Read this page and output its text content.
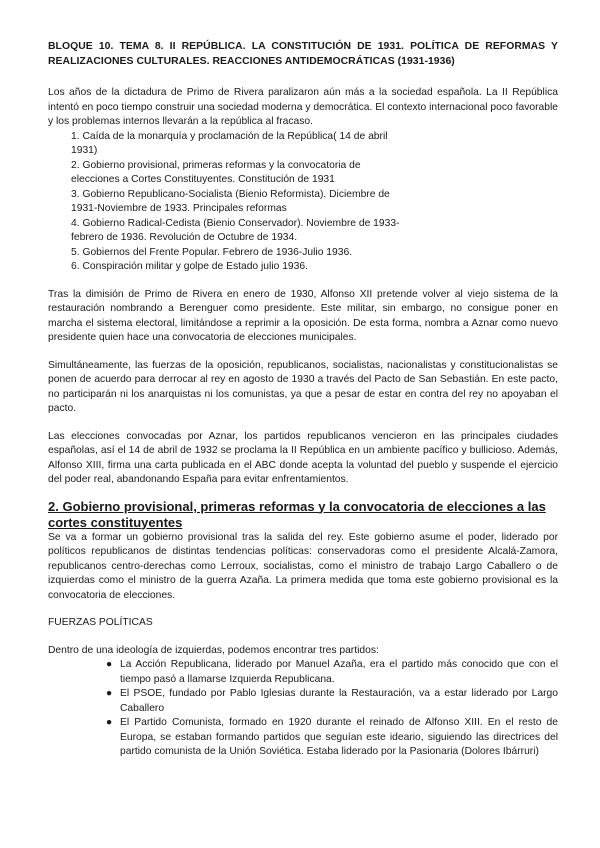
BLOQUE 10. TEMA 8. II REPÚBLICA. LA CONSTITUCIÓN DE 1931. POLÍTICA DE REFORMAS Y REALIZACIONES CULTURALES. REACCIONES ANTIDEMOCRÁTICAS (1931-1936)

Los años de la dictadura de Primo de Rivera paralizaron aún más a la sociedad española. La II República intentó en poco tiempo construir una sociedad moderna y democrática. El contexto internacional poco favorable y los problemas internos llevarán a la república al fracaso.

1. Caída de la monarquía y proclamación de la República( 14 de abril 1931)
2. Gobierno provisional, primeras reformas y la convocatoria de elecciones a Cortes Constituyentes. Constitución de 1931
3. Gobierno Republicano-Socialista (Bienio Reformista). Diciembre de 1931-Noviembre de 1933. Principales reformas
4. Gobierno Radical-Cedista (Bienio Conservador). Noviembre de 1933-febrero de 1936. Revolución de Octubre de 1934.
5. Gobiernos del Frente Popular. Febrero de 1936-Julio 1936.
6. Conspiración militar y golpe de Estado julio 1936.

Tras la dimisión de Primo de Rivera en enero de 1930, Alfonso XII pretende volver al viejo sistema de la restauración nombrando a Berenguer como presidente. Este militar, sin embargo, no consigue poner en marcha el sistema electoral, limitándose a reprimir a la oposición. De esta forma, nombra a Aznar como nuevo presidente quien hace una convocatoria de elecciones municipales.

Simultáneamente, las fuerzas de la oposición, republicanos, socialistas, nacionalistas y constitucionalistas se ponen de acuerdo para derrocar al rey en agosto de 1930 a través del Pacto de San Sebastián. En este pacto, no participarán ni los anarquistas ni los comunistas, ya que a pesar de estar en contra del rey no apoyaban el pacto.

Las elecciones convocadas por Aznar, los partidos republicanos vencieron en las principales ciudades españolas, así el 14 de abril de 1932 se proclama la II República en un ambiente pacífico y bullicioso. Además, Alfonso XIII, firma una carta publicada en el ABC donde acepta la voluntad del pueblo y suspende el ejercicio del poder real, abandonando España para evitar enfrentamientos.

2. Gobierno provisional, primeras reformas y la convocatoria de elecciones a las cortes constituyentes

Se va a formar un gobierno provisional tras la salida del rey. Este gobierno asume el poder, liderado por políticos republicanos de distintas tendencias políticas: conservadoras como el presidente Alcalá-Zamora, republicanos centro-derechas como Lerroux, socialistas, como el ministro de trabajo Largo Caballero o de izquierdas como el ministro de la guerra Azaña. La primera medida que toma este gobierno provisional es la convocatoria de elecciones.

FUERZAS POLÍTICAS

Dentro de una ideología de izquierdas, podemos encontrar tres partidos:

● La Acción Republicana, liderado por Manuel Azaña, era el partido más conocido que con el tiempo pasó a llamarse Izquierda Republicana.
● El PSOE, fundado por Pablo Iglesias durante la Restauración, va a estar liderado por Largo Caballero
● El Partido Comunista, formado en 1920 durante el reinado de Alfonso XIII. En el resto de Europa, se estaban formando partidos que seguían este ideario, siguiendo las directrices del partido comunista de la Unión Soviética. Estaba liderado por la Pasionaria (Dolores Ibárruri)
